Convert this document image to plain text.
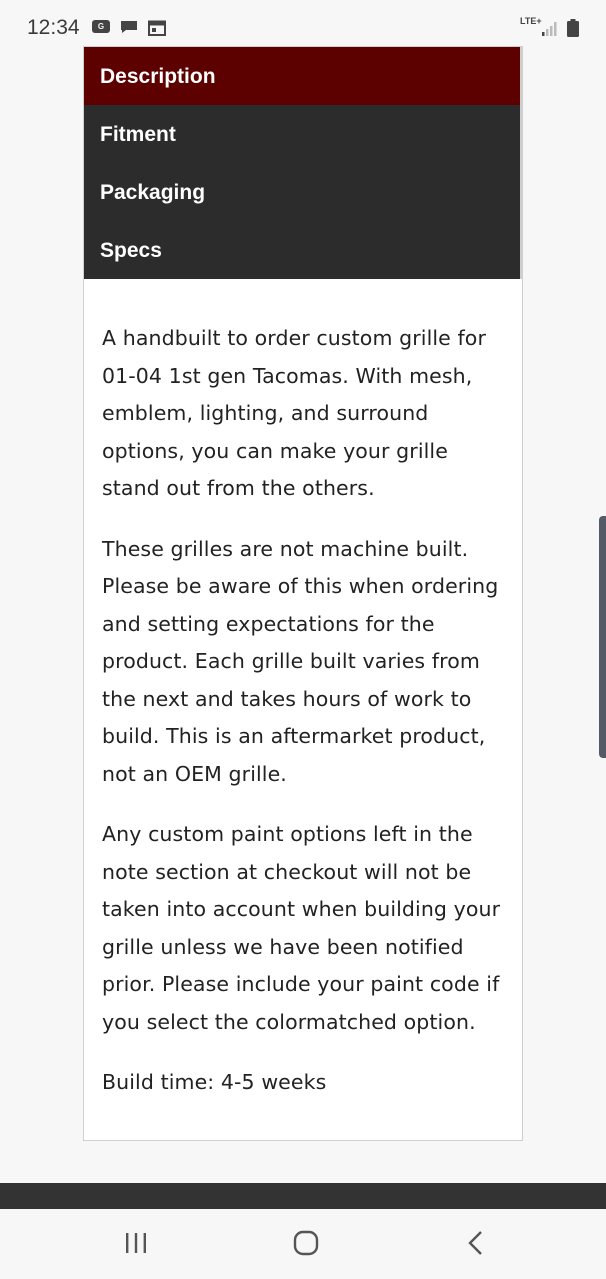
12:34	G
LTE+
Description
Fitment
Packaging
Specs

A handbuilt to order custom grille for 01-04 1st gen Tacomas. With mesh, emblem, lighting, and surround options, you can make your grille stand out from the others.

These grilles are not machine built. Please be aware of this when ordering and setting expectations for the product. Each grille built varies from the next and takes hours of work to build. This is an aftermarket product, not an OEM grille.

Any custom paint options left in the note section at checkout will not be taken into account when building your grille unless we have been notified prior. Please include your paint code if you select the colormatched option.

Build time: 4-5 weeks
